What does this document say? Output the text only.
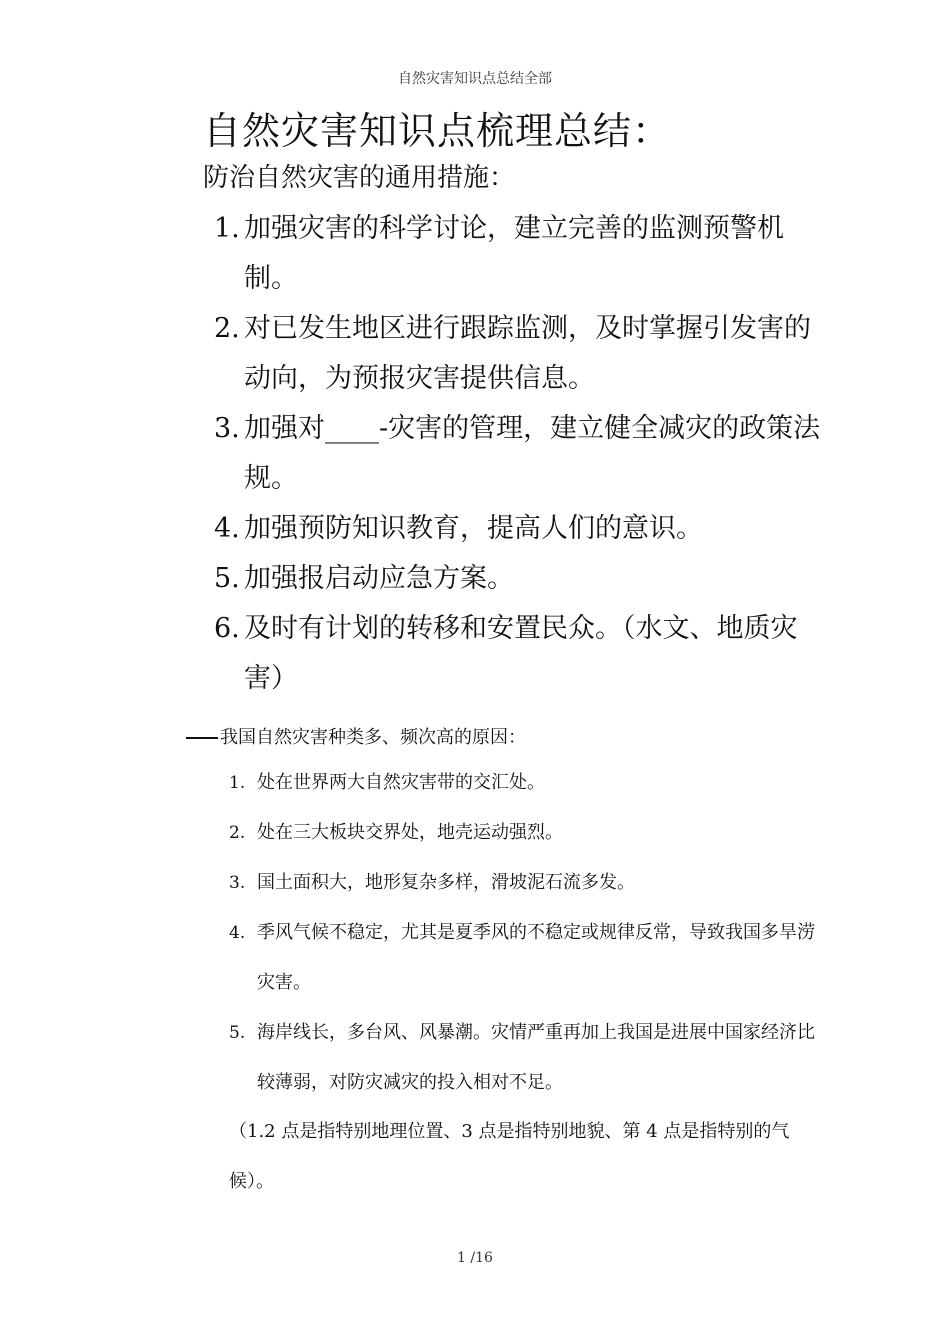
自然灾害知识点总结全部
自然灾害知识点梳理总结：
防治自然灾害的通用措施：
1. 加强灾害的科学讨论，建立完善的监测预警机制。
2. 对已发生地区进行跟踪监测，及时掌握引发害的动向，为预报灾害提供信息。
3. 加强对____-灾害的管理，建立健全减灾的政策法规。
4. 加强预防知识教育，提高人们的意识。
5. 加强报启动应急方案。
6. 及时有计划的转移和安置民众。（水文、地质灾害）
我国自然灾害种类多、频次高的原因：
1. 处在世界两大自然灾害带的交汇处。
2. 处在三大板块交界处，地壳运动强烈。
3. 国土面积大，地形复杂多样，滑坡泥石流多发。
4. 季风气候不稳定，尤其是夏季风的不稳定或规律反常，导致我国多旱涝灾害。
5. 海岸线长，多台风、风暴潮。灾情严重再加上我国是进展中国家经济比较薄弱，对防灾减灾的投入相对不足。
（1.2 点是指特别地理位置、3 点是指特别地貌、第 4 点是指特别的气候）。
1 /16
